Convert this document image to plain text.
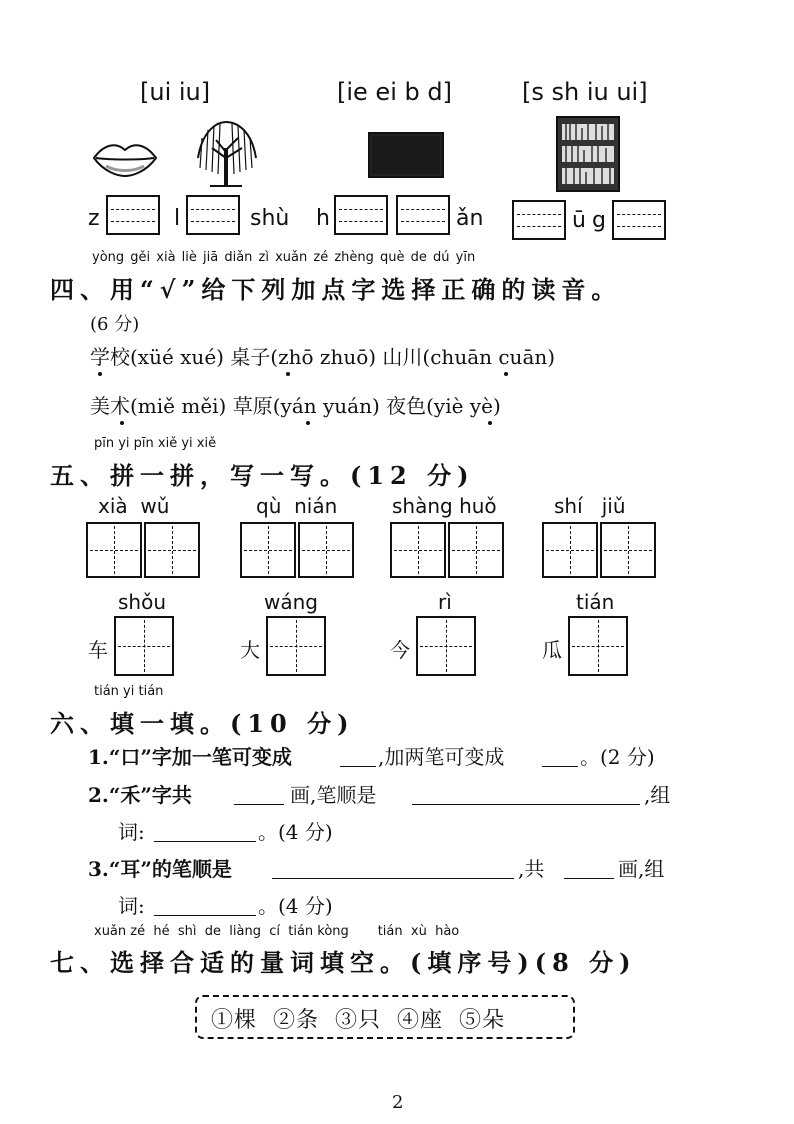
[ui iu]	[ie ei b d]	[s sh iu ui]
z	l	shù h	ǎn	ū g
yòng gěi xià liè jiā diǎn zì xuǎn zé zhèng què de dú yīn
四、用“√”给下列加点字选择正确的读音。
(6 分)
学校(xüé xué) 桌子(zhō zhuō) 山川(chuān cuān)
美术(miě měi) 草原(yán yuán) 夜色(yiè yè)
pīn yi pīn xiě yi xiě
五、拼一拼，写一写。(12 分)
xià  wǔ	qù  nián	shàng huǒ	shí   jiǔ
shǒu	wáng	rì	tián
车	大	今	瓜
tián yi tián
六、填一填。(10 分)
1.“口”字加一笔可变成	,加两笔可变成	。(2 分)
2.“禾”字共	画,笔顺是	,组
词:	。(4 分)
3.“耳”的笔顺是	,共	画,组
词:	。(4 分)
xuǎn zé  hé  shì  de  liàng  cí  tián kòng       tián  xù  hào
七、选择合适的量词填空。(填序号)(8 分)
①棵  ②条  ③只  ④座  ⑤朵
2
